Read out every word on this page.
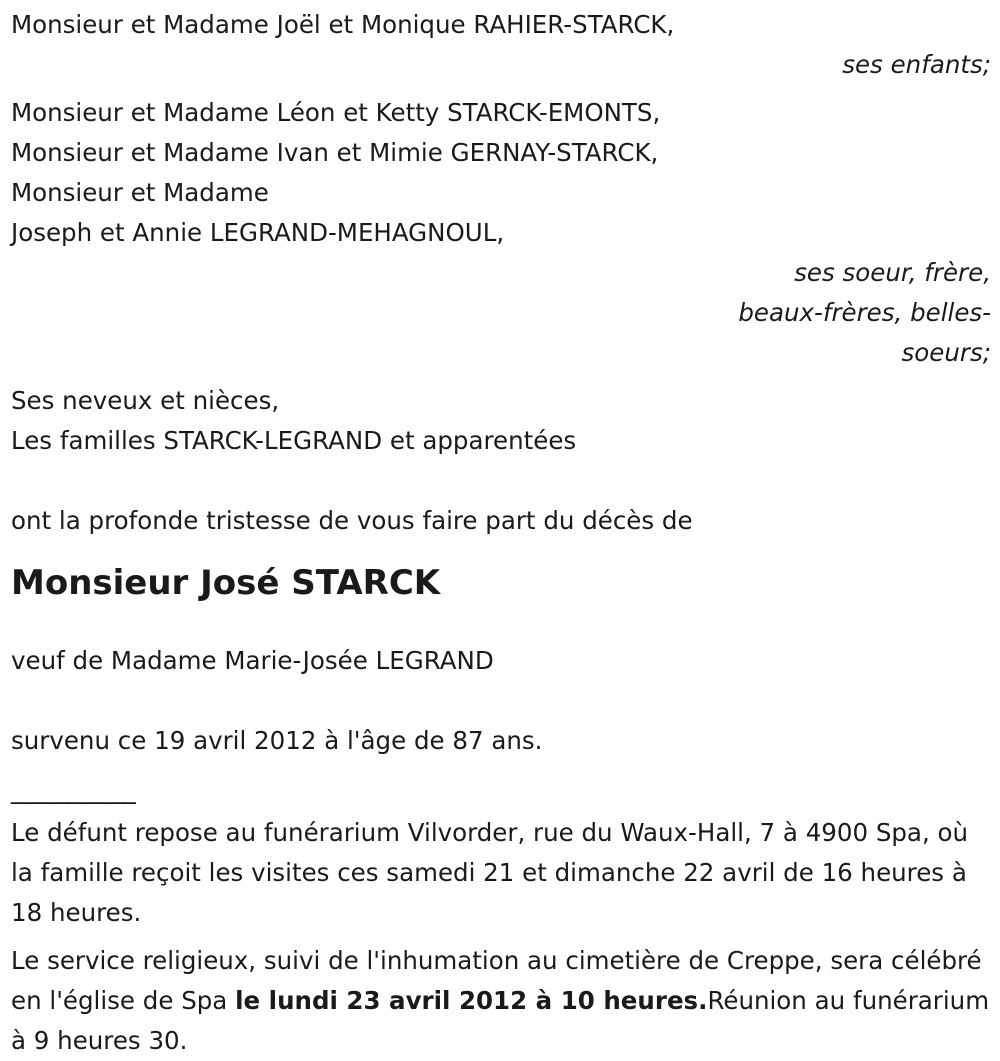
Monsieur et Madame Joël et Monique RAHIER-STARCK,
ses enfants;
Monsieur et Madame Léon et Ketty STARCK-EMONTS,
Monsieur et Madame Ivan et Mimie GERNAY-STARCK,
Monsieur et Madame
Joseph et Annie LEGRAND-MEHAGNOUL,
ses soeur, frère,
beaux-frères, belles-
soeurs;
Ses neveux et nièces,
Les familles STARCK-LEGRAND et apparentées
ont la profonde tristesse de vous faire part du décès de
Monsieur José STARCK
veuf de Madame Marie-Josée LEGRAND
survenu ce 19 avril 2012 à l'âge de 87 ans.
___________
Le défunt repose au funérarium Vilvorder, rue du Waux-Hall, 7 à 4900 Spa, où la famille reçoit les visites ces samedi 21 et dimanche 22 avril de 16 heures à 18 heures.
Le service religieux, suivi de l'inhumation au cimetière de Creppe, sera célébré en l'église de Spa le lundi 23 avril 2012 à 10 heures.Réunion au funérarium à 9 heures 30.
